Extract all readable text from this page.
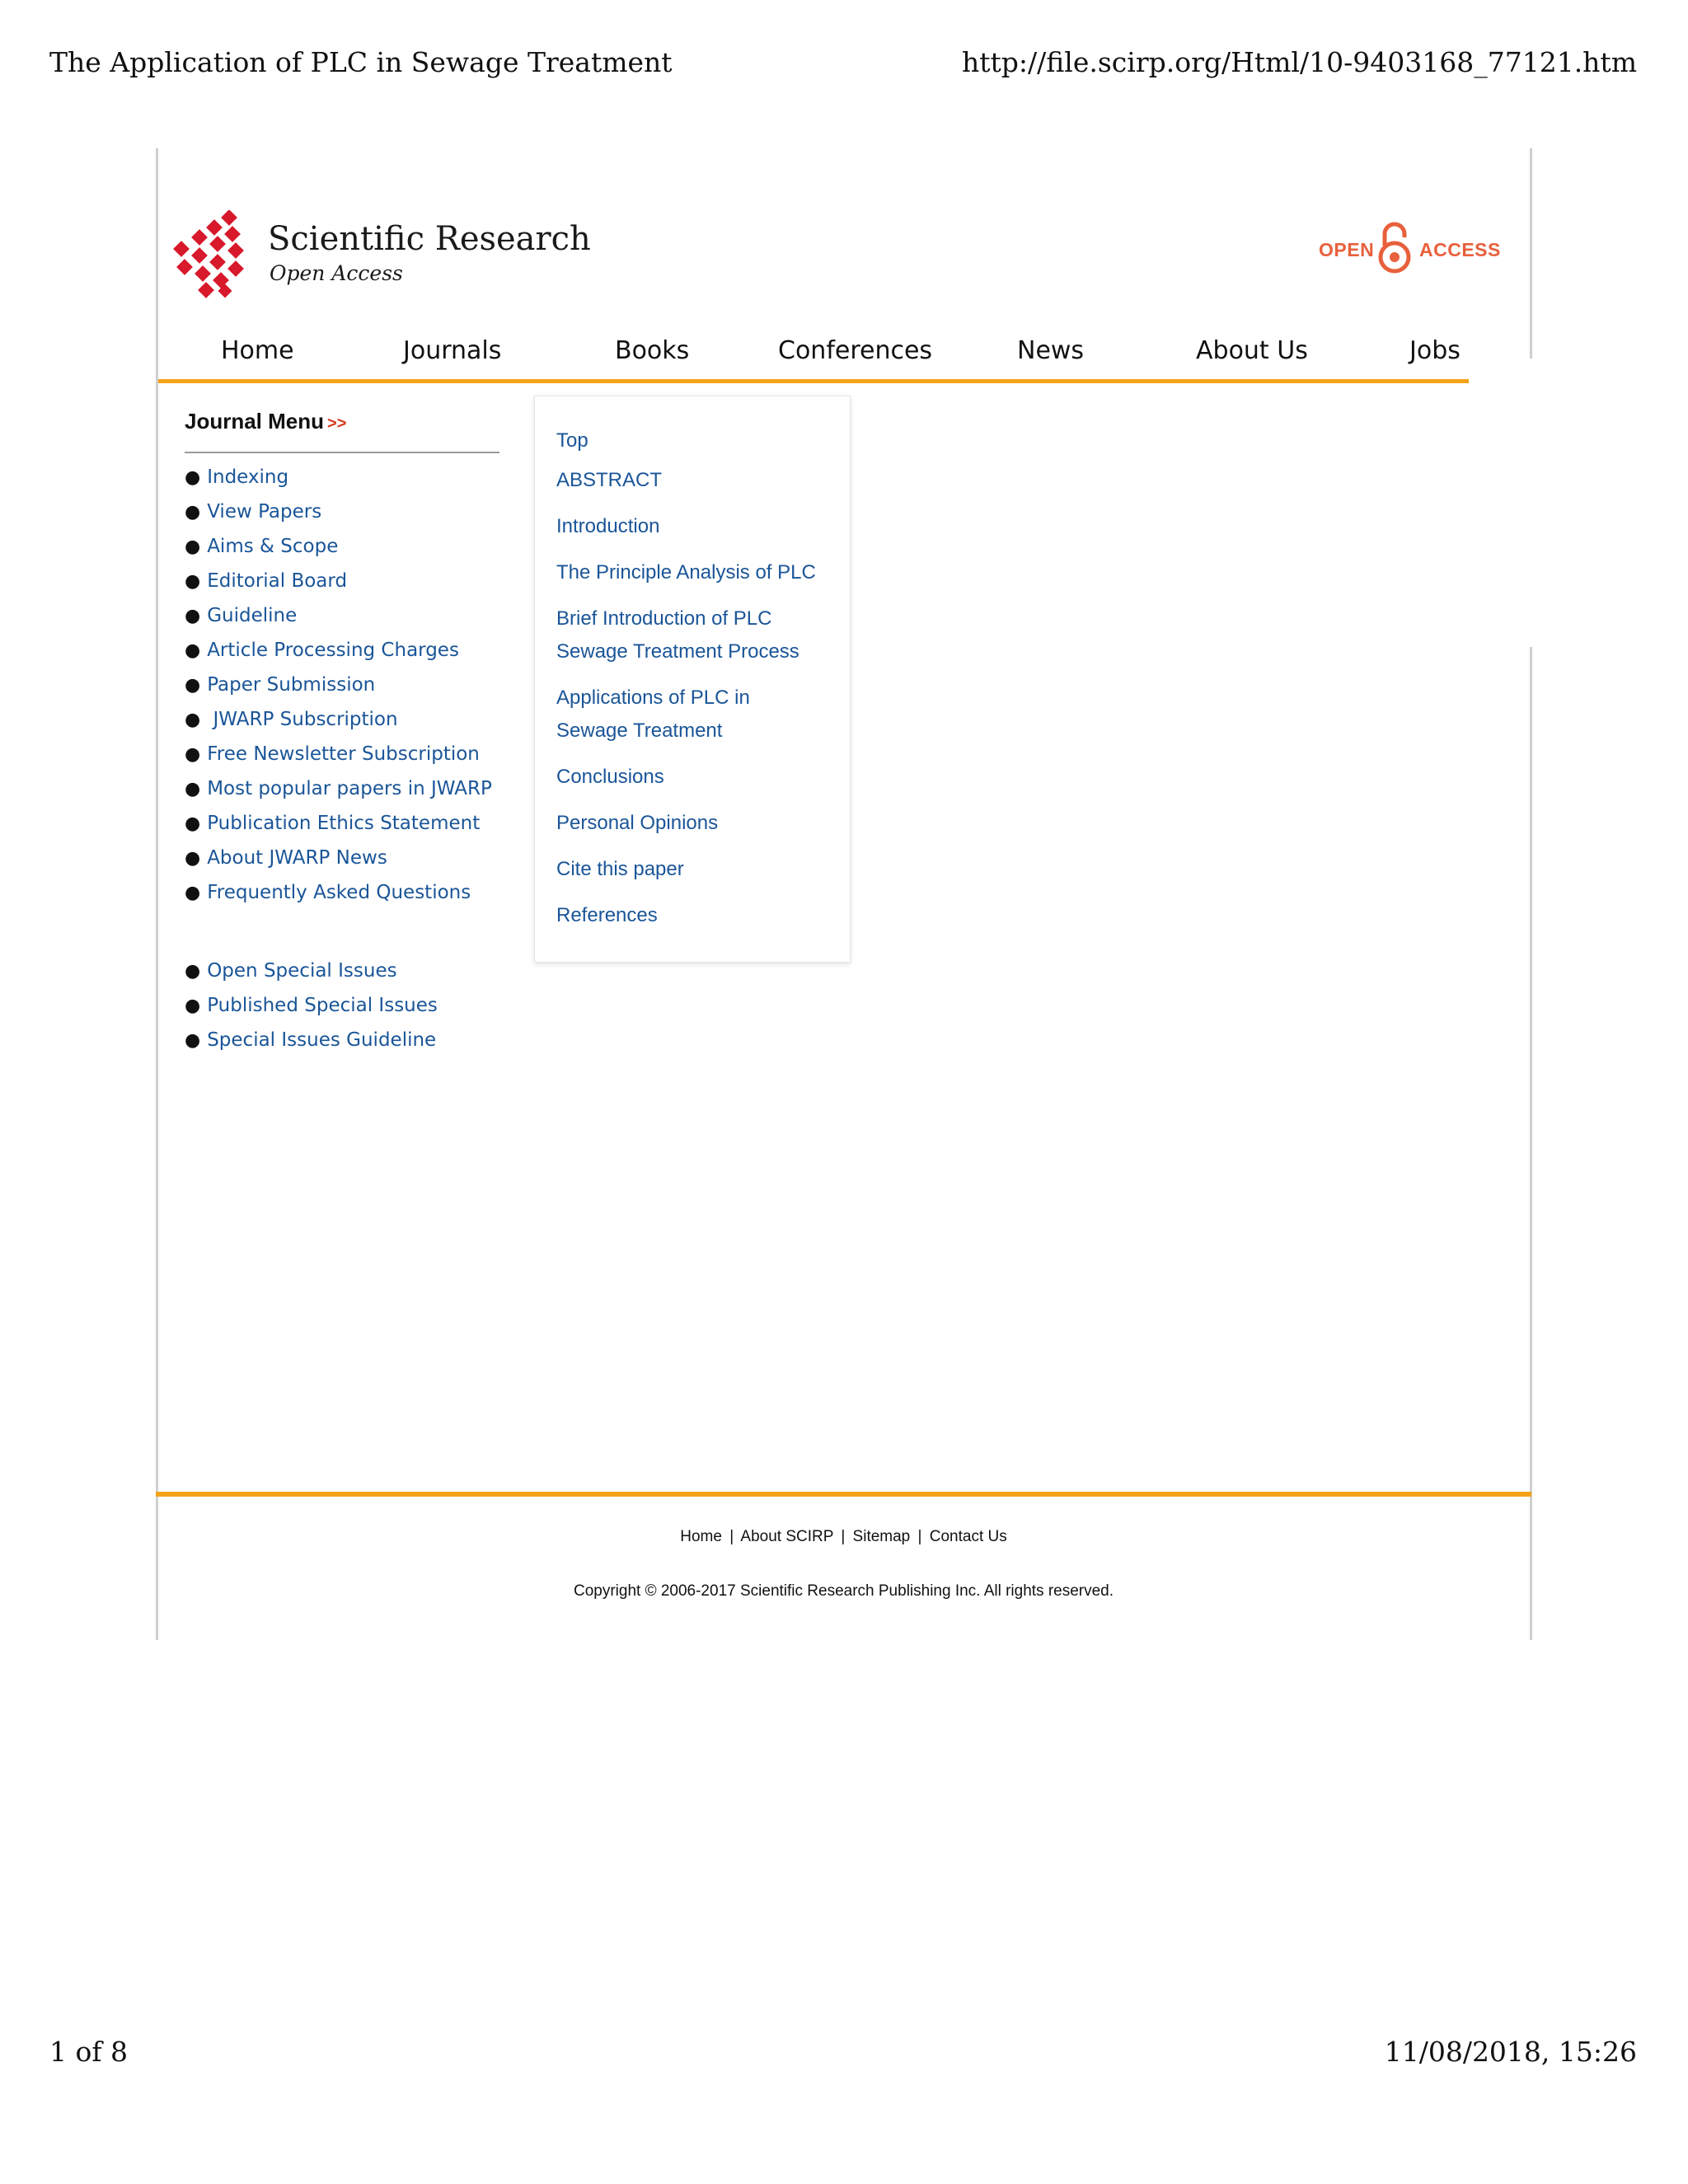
The Application of PLC in Sewage Treatment	http://file.scirp.org/Html/10-9403168_77121.htm
Scientific Research
Open Access
OPEN ACCESS
Home	Journals	Books	Conferences	News	About Us	Jobs
Journal Menu >>
● Indexing
● View Papers
● Aims & Scope
● Editorial Board
● Guideline
● Article Processing Charges
● Paper Submission
● JWARP Subscription
● Free Newsletter Subscription
● Most popular papers in JWARP
● Publication Ethics Statement
● About JWARP News
● Frequently Asked Questions
● Open Special Issues
● Published Special Issues
● Special Issues Guideline
Top
ABSTRACT
Introduction
The Principle Analysis of PLC
Brief Introduction of PLC Sewage Treatment Process
Applications of PLC in Sewage Treatment
Conclusions
Personal Opinions
Cite this paper
References
Home | About SCIRP | Sitemap | Contact Us
Copyright © 2006-2017 Scientific Research Publishing Inc. All rights reserved.
1 of 8	11/08/2018, 15:26
